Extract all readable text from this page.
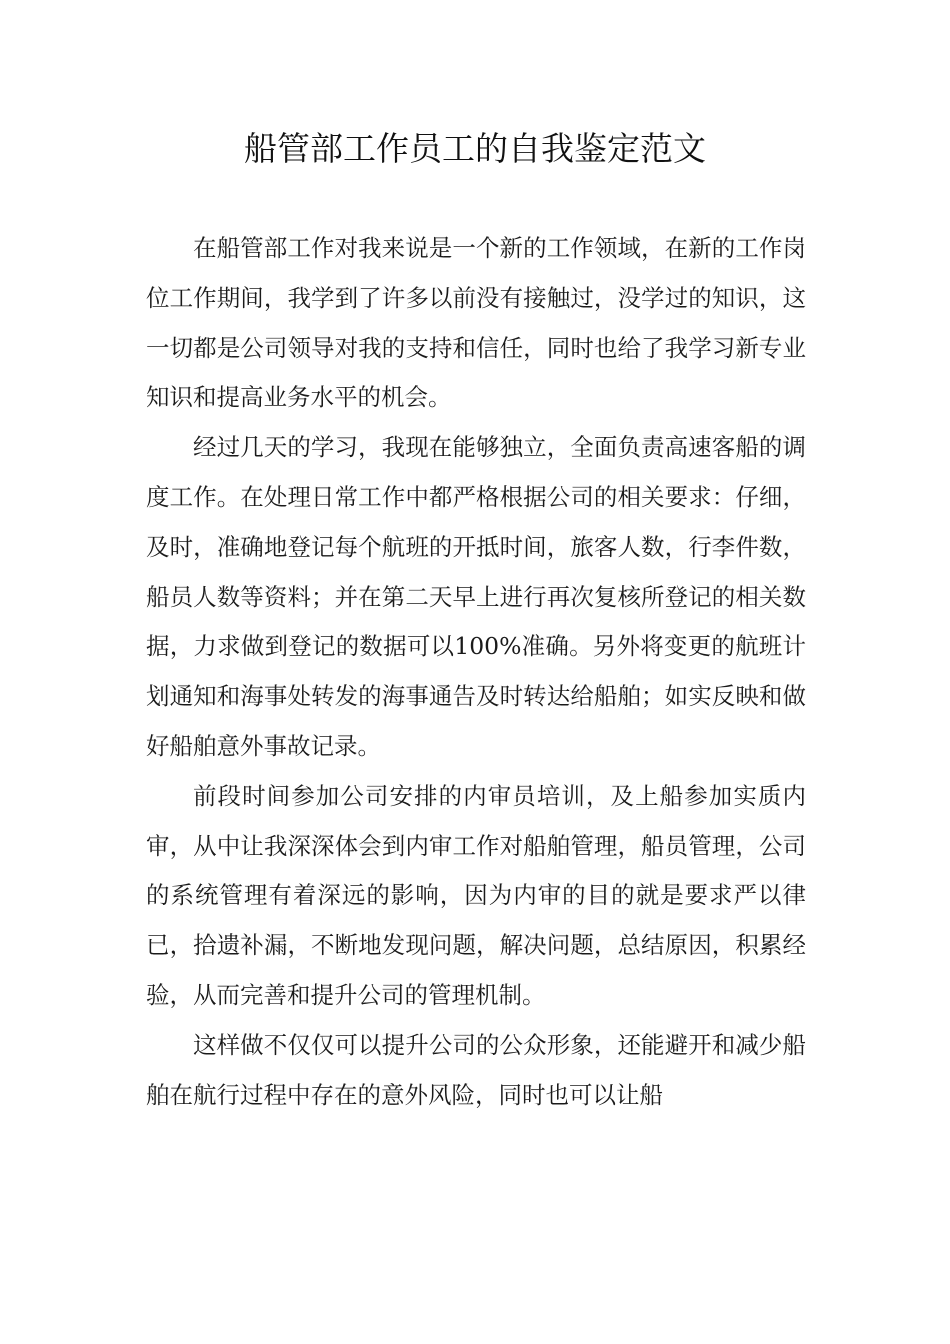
船管部工作员工的自我鉴定范文

在船管部工作对我来说是一个新的工作领域，在新的工作岗位工作期间，我学到了许多以前没有接触过，没学过的知识，这一切都是公司领导对我的支持和信任，同时也给了我学习新专业知识和提高业务水平的机会。

经过几天的学习，我现在能够独立，全面负责高速客船的调度工作。在处理日常工作中都严格根据公司的相关要求：仔细，及时，准确地登记每个航班的开抵时间，旅客人数，行李件数，船员人数等资料；并在第二天早上进行再次复核所登记的相关数据，力求做到登记的数据可以100%准确。另外将变更的航班计划通知和海事处转发的海事通告及时转达给船舶；如实反映和做好船舶意外事故记录。

前段时间参加公司安排的内审员培训，及上船参加实质内审，从中让我深深体会到内审工作对船舶管理，船员管理，公司的系统管理有着深远的影响，因为内审的目的就是要求严以律已，拾遗补漏，不断地发现问题，解决问题，总结原因，积累经验，从而完善和提升公司的管理机制。

这样做不仅仅可以提升公司的公众形象，还能避开和减少船舶在航行过程中存在的意外风险，同时也可以让船
